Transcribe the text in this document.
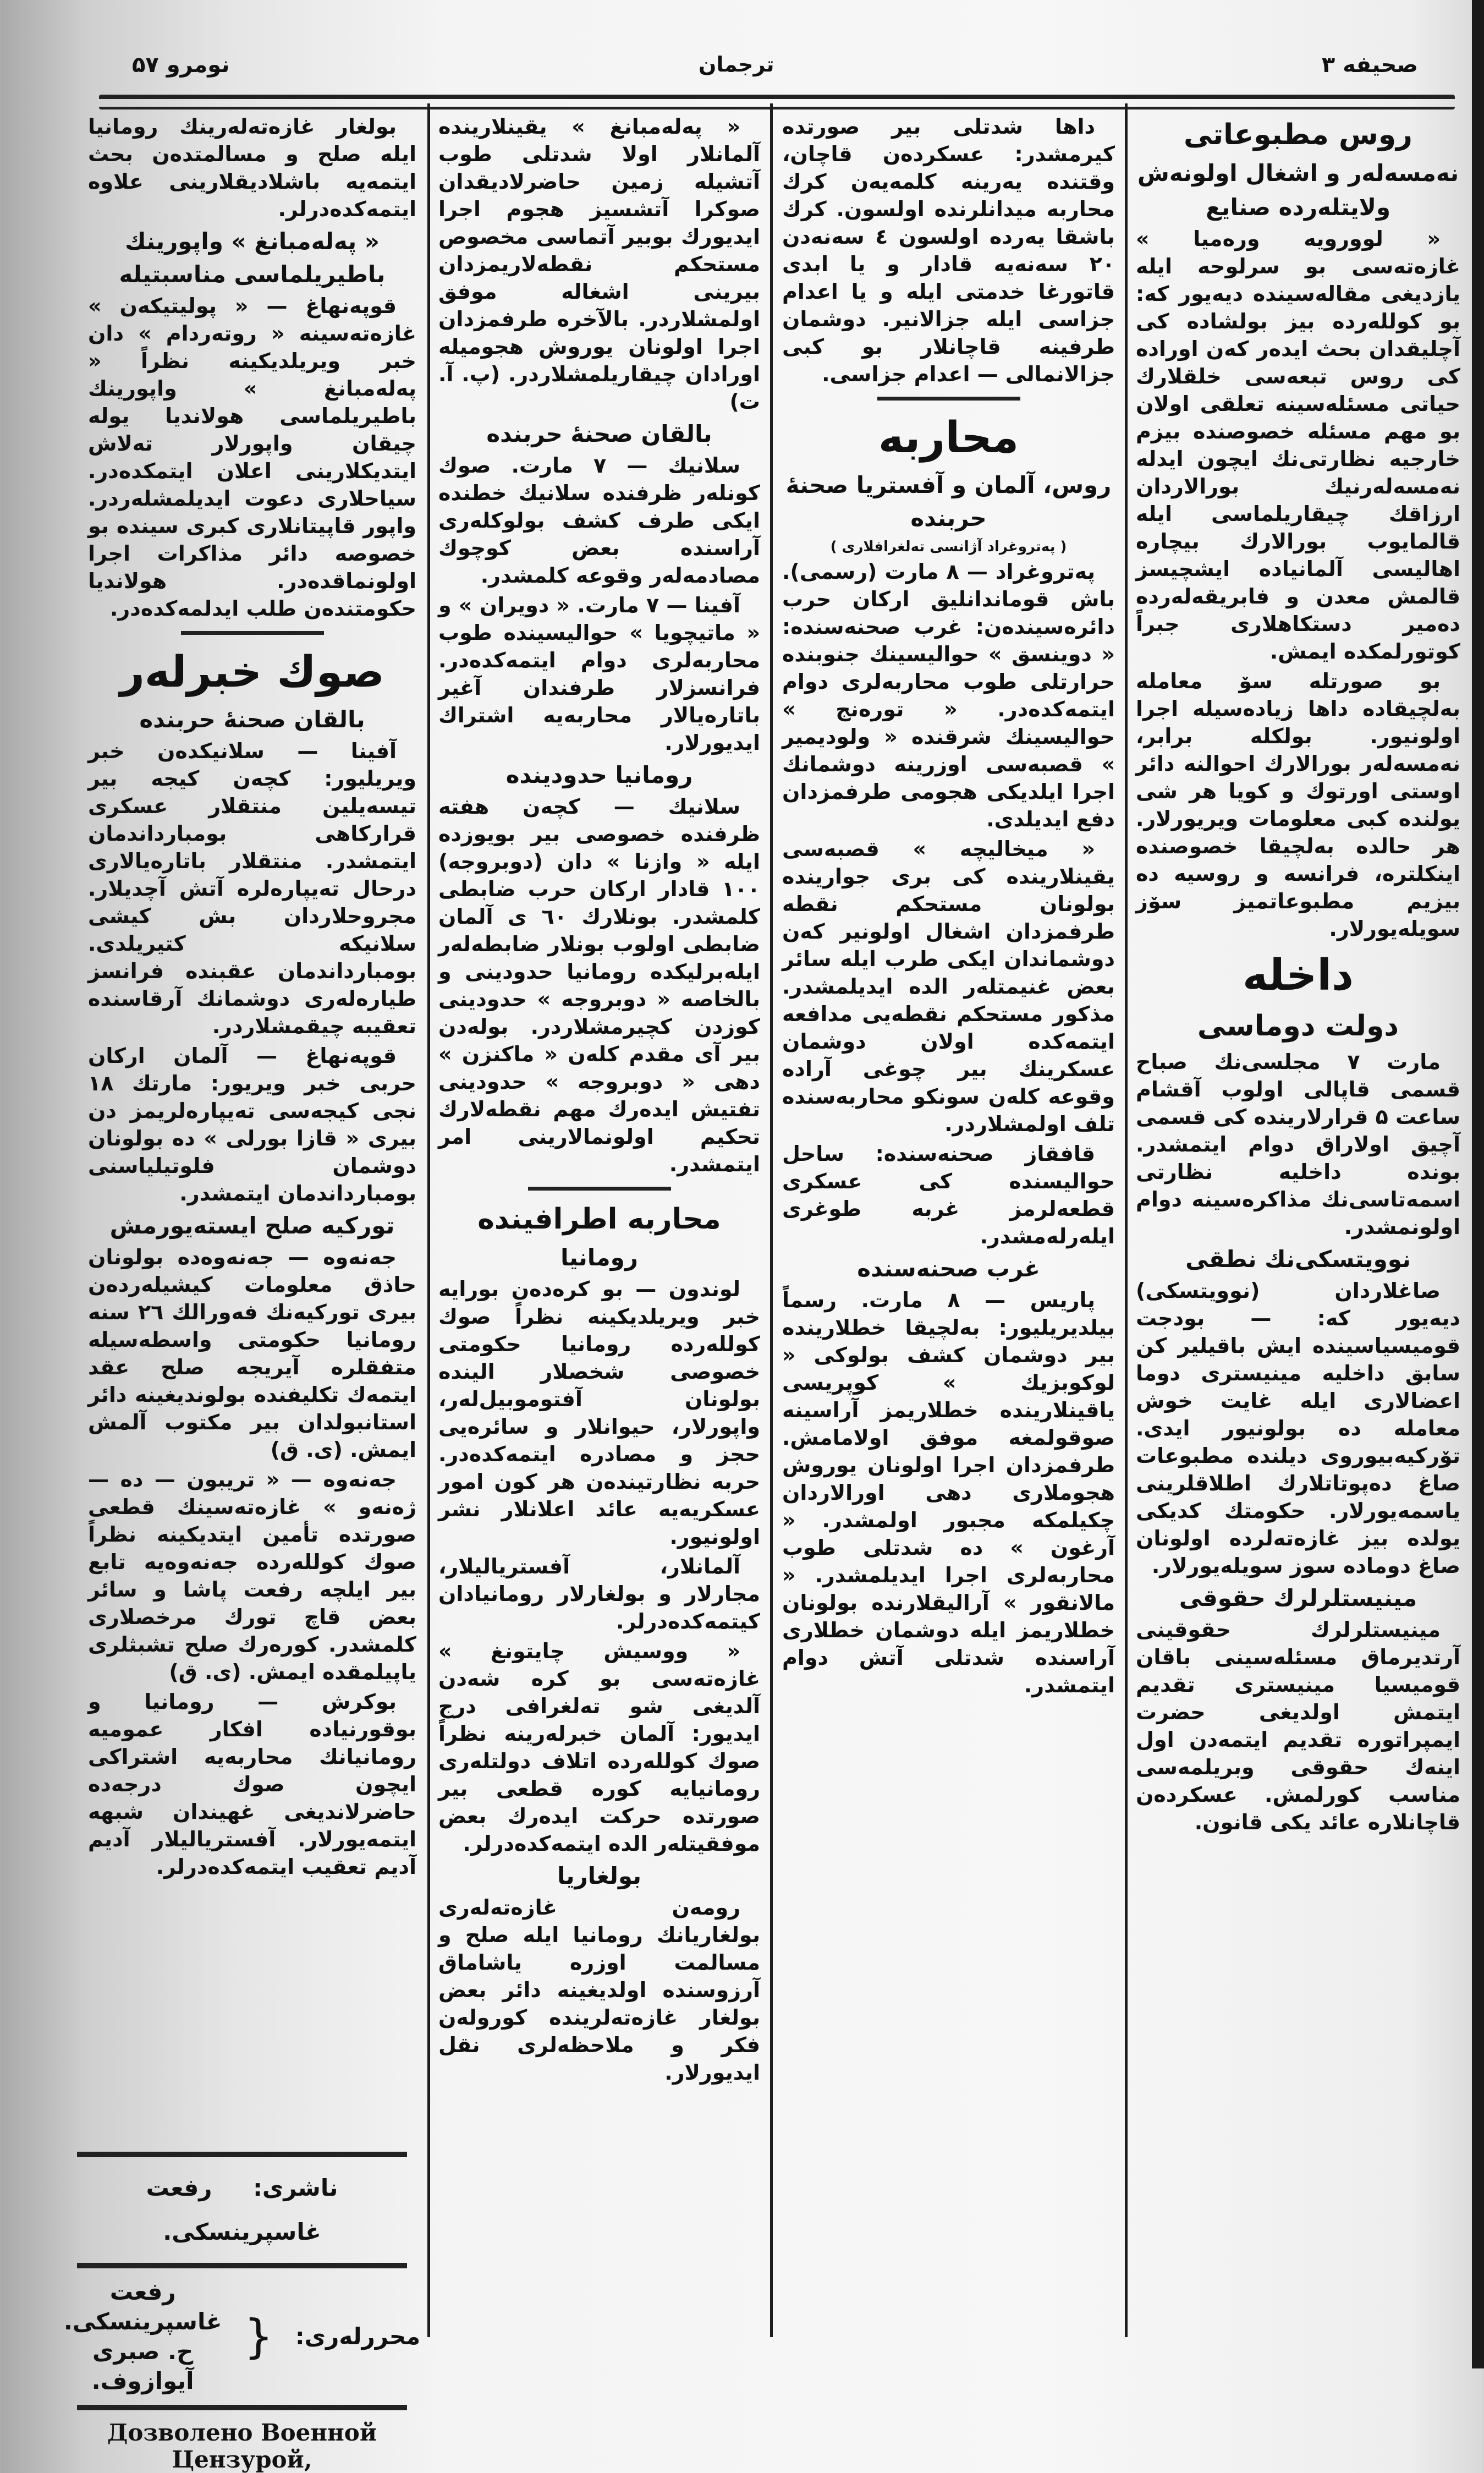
صحیفه ۳
ترجمان
نومرو ۵۷
روس مطبوعاتی
نەمسەلەر و اشغال اولونەش
ولایتلەردە صنایع

« لوورویە ورەمیا » غازەتەسی بو سرلوحه ایلە یازدیغی مقالەسینده دیەیور کە: بو کوللەردە بیز بولشادە کی آچلیقدان بحث ایدەر کەن اوراده کی روس تبعەسی خلقلارك حیاتی مسئلەسینه تعلقی اولان بو مهم مسئلە خصوصنده بیزم خارجیه نظارتی‌نك ایچون ایدلە نەمسەلەرنیك بورالاردان ارزاقك چیقاریلماسی ایلە قالمایوب بورالارك بیچارە اهالیسی آلمانیادە ایشچیسز قالمش معدن و فابریقەلەرده دەمیر دستکاهلاری جبراً کوتورلمکدە ایمش.

بو صورتله سۆ معامله بەلچیقادە داها زیادەسیله اجرا اولونیور. بولکلە برابر، نەمسەلەر بورالارك احوالنه دائر اوستی اورتوك و کویا هر شی یولنده کبی معلومات ویریورلار. هر حالدە بەلچیقا خصوصنده اینکلتره، فرانسه و روسیه ده بیزیم مطبوعاتمیز سۆز سویلەیورلار.

داخله
دولت دوماسی

مارت ۷ مجلسی‌نك صباح قسمی قاپالی اولوب آقشام ساعت ۵ قرارلارینده کی قسمی آچیق اولاراق دوام ایتمشدر. بونده داخلیه نظارتی اسمەتاسی‌نك مذاکرەسینه دوام اولونمشدر.

نوویتسکی‌نك نطقی

صاغلاردان (نوویتسکی) دیەیور کە: — بودجت قومیسیاسینده ایش باقیلیر کن سابق داخلیه مینیستری دوما اعضالاری ایلە غایت خوش معامله ده بولونیور ایدی. تۆرکیەبیوروی دیلنده مطبوعات صاغ دەپوتاتلارك اطلاقلرینی یاسمەیورلار. حکومتك کدیکی یولده بیز غازەتەلرده اولونان صاغ دوماده سوز سویلەیورلار.

مینیستلرلرك حقوقی

مینیستلرلرك حقوقینی آرتدیرماق مسئلەسینی باقان قومیسیا مینیستری تقدیم ایتمش اولدیغی حضرت ایمپراتوره تقدیم ایتمەدن اول اینەك حقوقی وبریلمەسی مناسب کورلمش. عسکرده‌ن قاچانلاره عائد یکی قانون.

داها شدتلی بیر صورتده کیرمشدر: عسکردەن قاچان، وقتنده یەرینه کلمەیەن کرك محاربه میدانلرنده اولسون. کرك باشقا یەرده اولسون ٤ سەنەدن ۲۰ سەنەیه قادار و یا ابدی قاتورغا خدمتی ایلە و یا اعدام جزاسی ایلە جزالانیر. دوشمان طرفینه قاچانلار بو کبی جزالانمالی — اعدام جزاسی.

محاربه
روس، آلمان و آفستریا صحنهٔ حربنده
( پەتروغراد آژانسی تەلغرافلاری )

پەتروغراد — ۸ مارت (رسمی). باش قوماندانلیق ارکان حرب دائرەسینده‌ن: غرب صحنەسنده: « دوینسق » حوالیسینك جنوبنده حرارتلی طوب محاربەلری دوام ایتمەکدەدر. « تورەنج » حوالیسینك شرقنده « ولودیمیر » قصبەسی اوزرینه دوشمانك اجرا ایلدیکی هجومی طرفمزدان دفع ایدیلدی.

« میخالیچه » قصبەسی یقینلارینده کی بری جوارینده بولونان مستحکم نقطه طرفمزدان اشغال اولونیر کەن دوشماندان ایکی طرب ایلە سائر بعض غنیمتلەر الده ایدیلمشدر. مذکور مستحکم نقطه‌یی مدافعه ایتمەکدە اولان دوشمان عسکرینك بیر چوغی آرادە وقوعه کلەن سونکو محاربەسنده تلف اولمشلاردر.

قافقاز صحنەسنده: ساحل حوالیسنده کی عسکری قطعەلرمز غربه طوغری ایلەرلەمشدر.

غرب صحنەسنده

پاریس — ۸ مارت. رسماً بیلدیریلیور: بەلچیقا خطلارینده بیر دوشمان کشف بولوکی « لوکوبزیك » کوپریسی یاقینلارینده خطلاریمز آراسینه صوقولمغه موفق اولامامش. طرفمزدان اجرا اولونان یوروش هجوملاری دهی اورالاردان چکیلمکه مجبور اولمشدر. « آرغون » ده شدتلی طوب محاربەلری اجرا ایدیلمشدر. « مالانقور » آرالیقلارنده بولونان خطلاریمز ایلە دوشمان خطلاری آراسنده شدتلی آتش دوام ایتمشدر.

« پەلەمبانغ » یقینلارینده آلمانلار اولا شدتلی طوب آتشیلە زمین حاضرلادیقدان صوکرا آتشسیز هجوم اجرا ایدیورك بوبیر آتماسی مخصوص مستحکم نقطەلاریمزدان بیرینی اشغاله موفق اولمشلاردر. بالآخره طرفمزدان اجرا اولونان یوروش هجومیله اورادان چیقاریلمشلاردر. (پ. آ. ت)

بالقان صحنهٔ حربنده

سلانیك — ۷ مارت. صوك کونلەر ظرفنده سلانیك خطنده ایکی طرف کشف بولوکلەری آراسنده بعض کوچوك مصادمەلەر وقوعه کلمشدر.

آفینا — ۷ مارت. « دویران » و « ماتیچویا » حوالیسینده طوب محاربەلری دوام ایتمەکدەدر. فرانسزلار طرفندان آغیر باتارەیالار محاربەیه اشتراك ایدیورلار.

رومانیا حدودینده

سلانیك — کچەن هفته ظرفنده خصوصی بیر بویوزده ایلە « وازنا » دان (دوبروجه) ۱۰۰ قادار ارکان حرب ضابطی کلمشدر. بونلارك ٦۰ ی آلمان ضابطی اولوب بونلار ضابطەلەر ایلەبرلیکده رومانیا حدودینی و بالخاصه « دوبروجه » حدودینی کوزدن کچیرمشلاردر. بولەدن بیر آی مقدم کلەن « ماکنزن » دهی « دوبروجه » حدودینی تفتیش ایدەرك مهم نقطەلارك تحکیم اولونمالارینی امر ایتمشدر.

محاربه اطرافینده
رومانیا

لوندون — بو کرەدەن بورایه خبر ویریلدیکینه نظراً صوك کوللەردە رومانیا حکومتی خصوصی شخصلار الینده بولونان آفتوموبیل‌لەر، واپورلار، حیوانلار و سائرەیی حجز و مصادرە ایتمەکدەدر. حربه نظارتیندەن هر کون امور عسکریەیه عائد اعلانلار نشر اولونیور.

آلمانلار، آفستریالیلار، مجارلار و بولغارلار رومانیادان کیتمەکدەدرلر.

« ووسیش چایتونغ » غازەتەسی بو کرە شەدن آلدیغی شو تەلغرافی درج ایدیور: آلمان خبرلەرینه نظراً صوك کوللەردە اتلاف دولتلەری رومانیایه کوره قطعی بیر صورتده حرکت ایدەرك بعض موفقیتلەر الده ایتمەکدەدرلر.

بولغاریا

رومەن غازەتەلەری بولغاریانك رومانیا ایلە صلح و مسالمت اوزرە یاشاماق آرزوسنده اولدیغینه دائر بعض بولغار غازەتەلرینده کورولەن فکر و ملاحظەلری نقل ایدیورلار.

بولغار غازەتەلەرینك رومانیا ایلە صلح و مسالمتدەن بحث ایتمەیه باشلادیقلارینی علاوه ایتمەکدەدرلر.

« پەلەمبانغ » واپورینك باطیریلماسی مناسبتیله

قوپەنهاغ — « پولیتیکەن » غازەتەسینه « روتەردام » دان خبر ویریلدیکینه نظراً « پەلەمبانغ » واپورینك باطیریلماسی هولاندیا یولە چیقان واپورلار تەلاش ایتدیکلارینی اعلان ایتمکده‌در. سیاحلاری دعوت ایدیلمشلەردر. واپور قاپیتانلاری کبری سینده بو خصوصه دائر مذاکرات اجرا اولونماقدەدر. هولاندیا حکومتندەن طلب ایدلمەکده‌در.

صوك خبرلەر
بالقان صحنهٔ حربنده

آفینا — سلانیکدەن خبر ویریلیور: کچەن کیجه بیر تیسەیلین منتقلار عسکری قرارکاهی بومبارداندمان ایتمشدر. منتقلار باتارەیالاری درحال تەیپارەلرە آتش آچدیلار. مجروحلاردان بش کیشی سلانیکه کتیریلدی. بومبارداندمان عقبنده فرانسز طیارەلەری دوشمانك آرقاسنده تعقیبه چیقمشلاردر.

قوپەنهاغ — آلمان ارکان حربی خبر ویریور: مارتك ۱۸ نجی کیجەسی تەیپارەلریمز دن بیری « قازا بورلی » ده بولونان دوشمان فلوتیلیاسنی بومبارداندمان ایتمشدر.

تورکیه صلح ایستەیورمش

جەنەوە — جەنەوەدە بولونان حاذق معلومات کیشیلەرده‌ن بیری تورکیه‌نك فەورالك ۲٦ سنه رومانیا حکومتی واسطەسیله متفقلره آیریجه صلح عقد ایتمەك تکلیفنده بولوندیغینه دائر استانبولدان بیر مکتوب آلمش ایمش. (ی. ق)

جەنەوە — « تریبون — دە — ژەنەو » غازەتەسینك قطعی صورتده تأمین ایتدیکینه نظراً صوك کوللەردە جەنەوەیه تابع بیر ایلچه رفعت پاشا و سائر بعض قاچ تورك مرخصلاری کلمشدر. کورەرك صلح تشبثلری یاپیلمقده ایمش. (ی. ق)

بوکرش — رومانیا و بوقورنیاده افکار عمومیه رومانیانك محاربەیه اشتراکی ایچون صوك درجه‌ده حاضرلاندیغی غهیندان شبهه ایتمەیورلار. آفستریالیلار آدیم آدیم تعقیب ایتمەکدەدرلر.

ناشری: رفعت غاسپرینسکی.
محررلەری:
{
رفعت غاسپرینسکی.
ح. صبری آیوازوف.
Дозволено Военной Цензурой,
